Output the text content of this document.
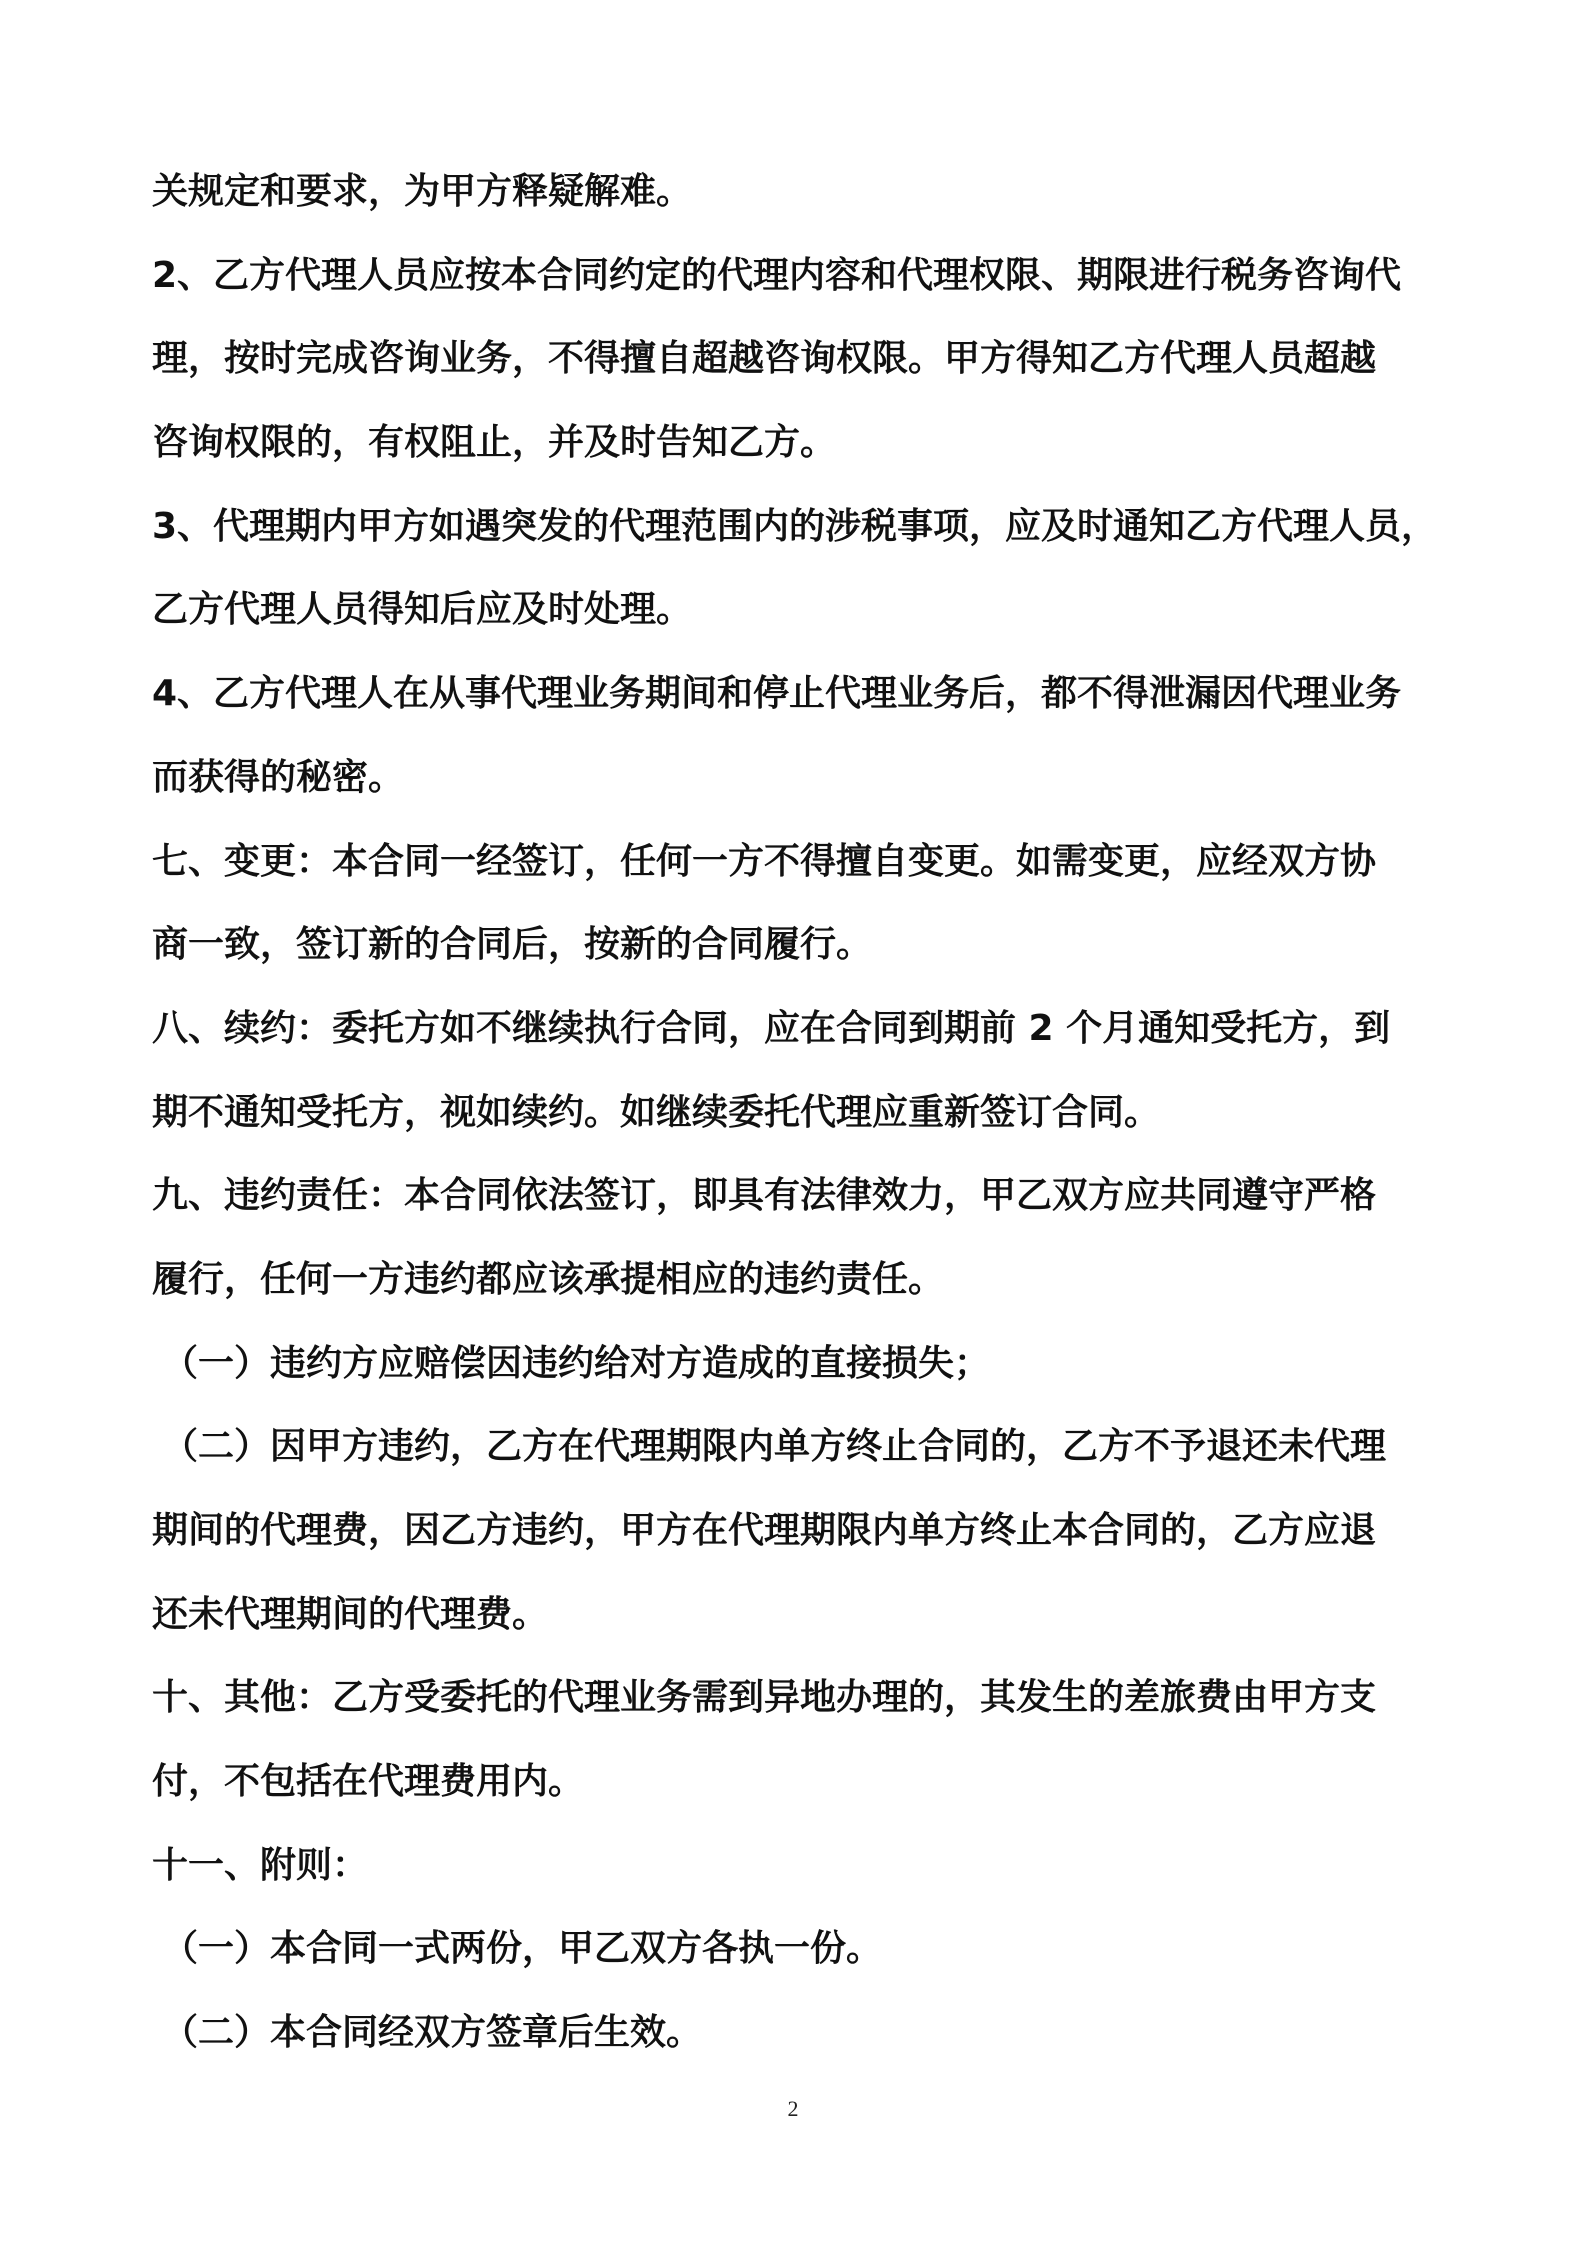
关规定和要求，为甲方释疑解难。

2、乙方代理人员应按本合同约定的代理内容和代理权限、期限进行税务咨询代

理，按时完成咨询业务，不得擅自超越咨询权限。甲方得知乙方代理人员超越

咨询权限的，有权阻止，并及时告知乙方。

3、代理期内甲方如遇突发的代理范围内的涉税事项，应及时通知乙方代理人员，

乙方代理人员得知后应及时处理。

4、乙方代理人在从事代理业务期间和停止代理业务后，都不得泄漏因代理业务

而获得的秘密。

七、变更：本合同一经签订，任何一方不得擅自变更。如需变更，应经双方协

商一致，签订新的合同后，按新的合同履行。

八、续约：委托方如不继续执行合同，应在合同到期前 2 个月通知受托方，到

期不通知受托方，视如续约。如继续委托代理应重新签订合同。

九、违约责任：本合同依法签订，即具有法律效力，甲乙双方应共同遵守严格

履行，任何一方违约都应该承提相应的违约责任。

（一）违约方应赔偿因违约给对方造成的直接损失；

（二）因甲方违约，乙方在代理期限内单方终止合同的，乙方不予退还未代理

期间的代理费，因乙方违约，甲方在代理期限内单方终止本合同的，乙方应退

还未代理期间的代理费。

十、其他：乙方受委托的代理业务需到异地办理的，其发生的差旅费由甲方支

付，不包括在代理费用内。

十一、附则：

（一）本合同一式两份，甲乙双方各执一份。

（二）本合同经双方签章后生效。

2
